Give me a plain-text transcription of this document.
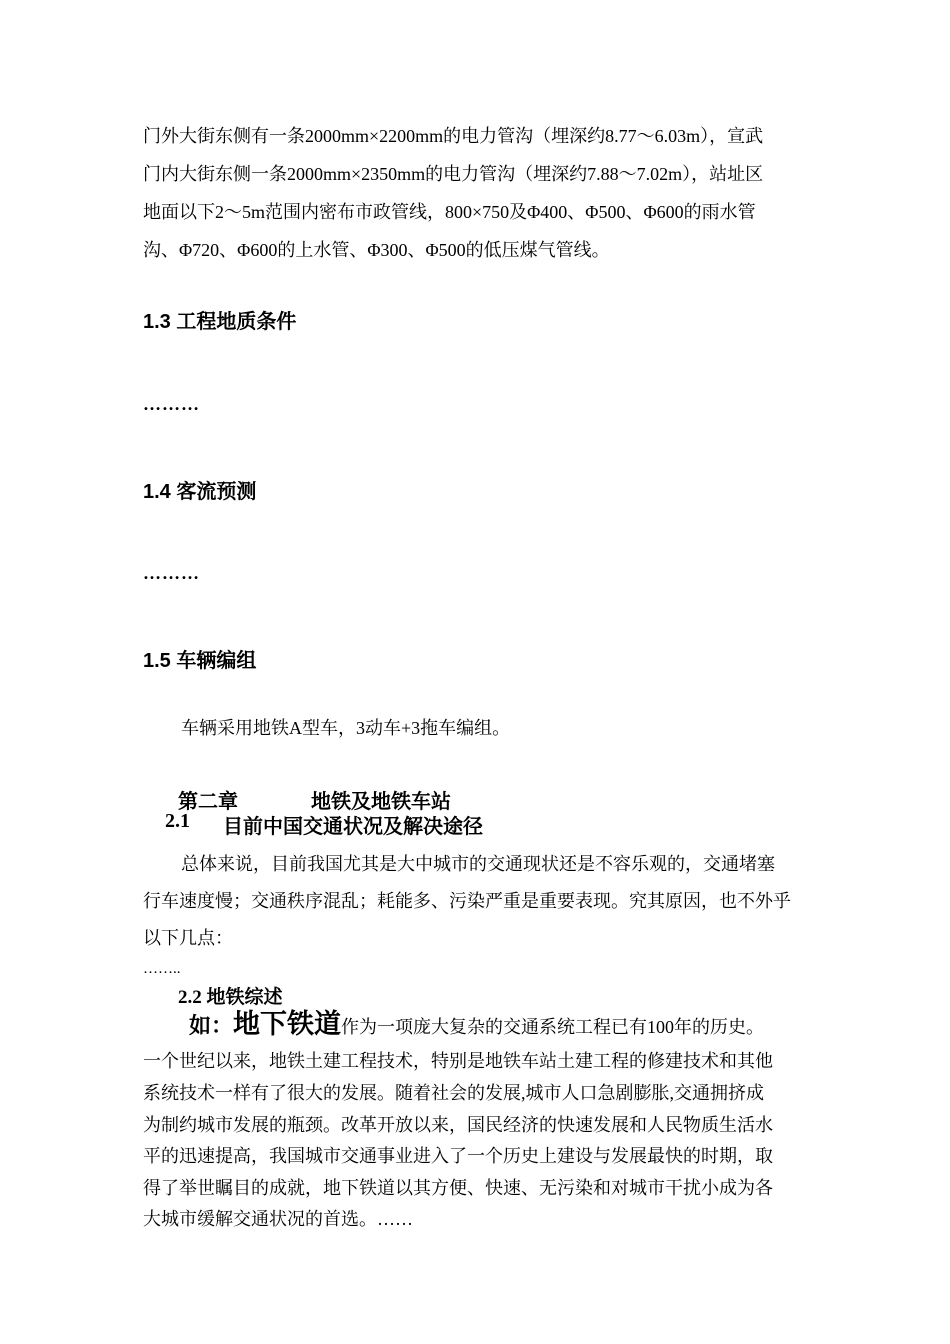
门外大街东侧有一条2000mm×2200mm的电力管沟（埋深约8.77～6.03m），宣武
门内大街东侧一条2000mm×2350mm的电力管沟（埋深约7.88～7.02m），站址区
地面以下2～5m范围内密布市政管线，800×750及Φ400、Φ500、Φ600的雨水管
沟、Φ720、Φ600的上水管、Φ300、Φ500的低压煤气管线。
1.3 工程地质条件
………
1.4 客流预测
………
1.5 车辆编组
车辆采用地铁A型车，3动车+3拖车编组。
第二章	地铁及地铁车站
2.1 目前中国交通状况及解决途径
总体来说，目前我国尤其是大中城市的交通现状还是不容乐观的，交通堵塞
行车速度慢；交通秩序混乱；耗能多、污染严重是重要表现。究其原因，也不外乎
以下几点：
……..
2.2 地铁综述
如：地下铁道作为一项庞大复杂的交通系统工程已有100年的历史。
一个世纪以来，地铁土建工程技术，特别是地铁车站土建工程的修建技术和其他
系统技术一样有了很大的发展。随着社会的发展,城市人口急剧膨胀,交通拥挤成
为制约城市发展的瓶颈。改革开放以来，国民经济的快速发展和人民物质生活水
平的迅速提高，我国城市交通事业进入了一个历史上建设与发展最快的时期，取
得了举世瞩目的成就，地下铁道以其方便、快速、无污染和对城市干扰小成为各
大城市缓解交通状况的首选。……
